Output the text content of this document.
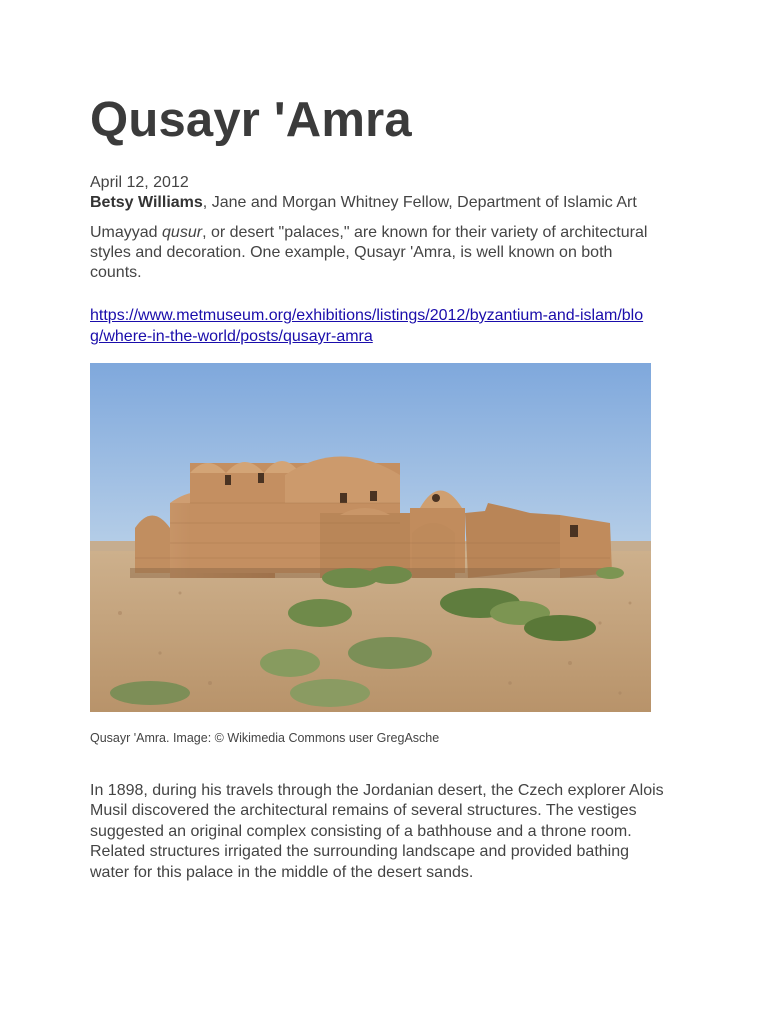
Qusayr 'Amra
April 12, 2012
Betsy Williams, Jane and Morgan Whitney Fellow, Department of Islamic Art

Umayyad qusur, or desert "palaces," are known for their variety of architectural styles and decoration. One example, Qusayr 'Amra, is well known on both counts.

https://www.metmuseum.org/exhibitions/listings/2012/byzantium-and-islam/blog/where-in-the-world/posts/qusayr-amra
Qusayr 'Amra. Image: © Wikimedia Commons user GregAsche

In 1898, during his travels through the Jordanian desert, the Czech explorer Alois Musil discovered the architectural remains of several structures. The vestiges suggested an original complex consisting of a bathhouse and a throne room. Related structures irrigated the surrounding landscape and provided bathing water for this palace in the middle of the desert sands.
